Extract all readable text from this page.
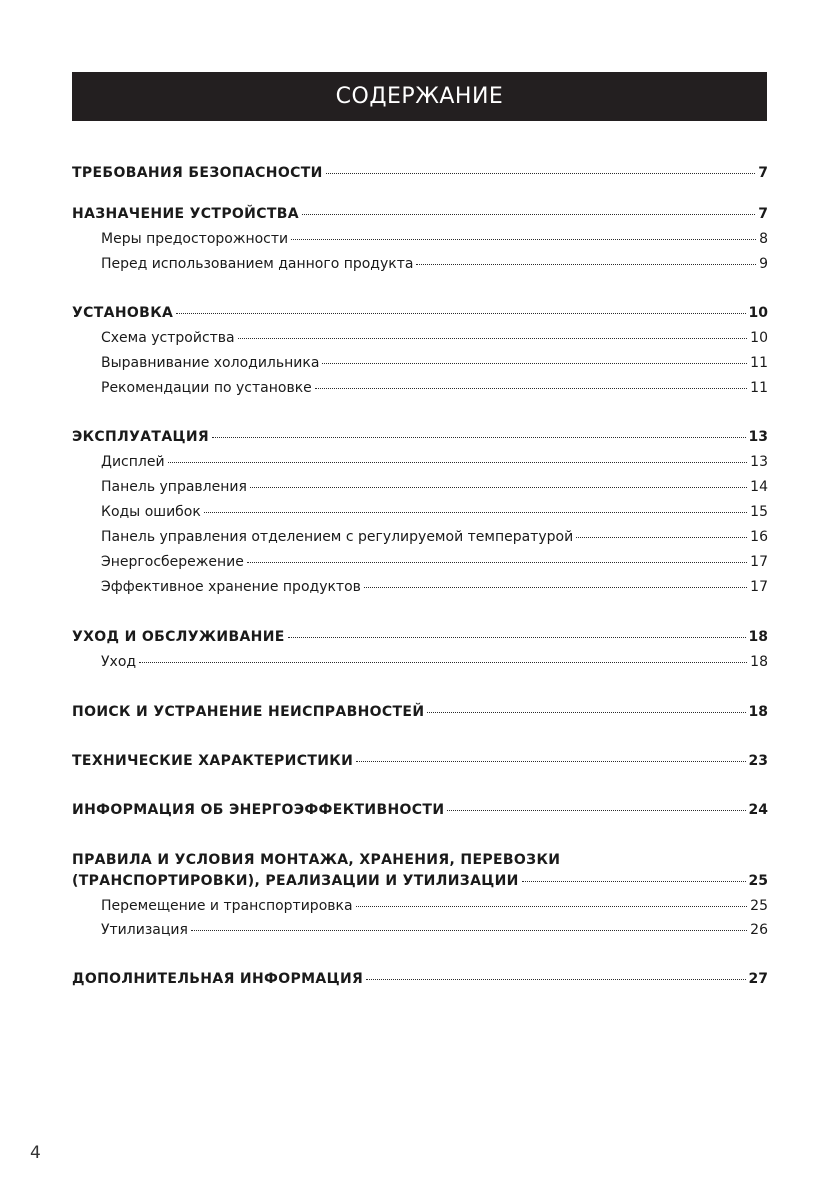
СОДЕРЖАНИЕ
ТРЕБОВАНИЯ БЕЗОПАСНОСТИ	7
НАЗНАЧЕНИЕ УСТРОЙСТВА	7
Меры предосторожности	8
Перед использованием данного продукта	9
УСТАНОВКА	10
Схема устройства	10
Выравнивание холодильника	11
Рекомендации по установке	11
ЭКСПЛУАТАЦИЯ	13
Дисплей	13
Панель управления	14
Коды ошибок	15
Панель управления отделением с регулируемой температурой	16
Энергосбережение	17
Эффективное хранение продуктов	17
УХОД И ОБСЛУЖИВАНИЕ	18
Уход	18
ПОИСК И УСТРАНЕНИЕ НЕИСПРАВНОСТЕЙ	18
ТЕХНИЧЕСКИЕ ХАРАКТЕРИСТИКИ	23
ИНФОРМАЦИЯ ОБ ЭНЕРГОЭФФЕКТИВНОСТИ	24
ПРАВИЛА И УСЛОВИЯ МОНТАЖА, ХРАНЕНИЯ, ПЕРЕВОЗКИ
(ТРАНСПОРТИРОВКИ), РЕАЛИЗАЦИИ И УТИЛИЗАЦИИ	25
Перемещение и транспортировка	25
Утилизация	26
ДОПОЛНИТЕЛЬНАЯ ИНФОРМАЦИЯ	27
4
